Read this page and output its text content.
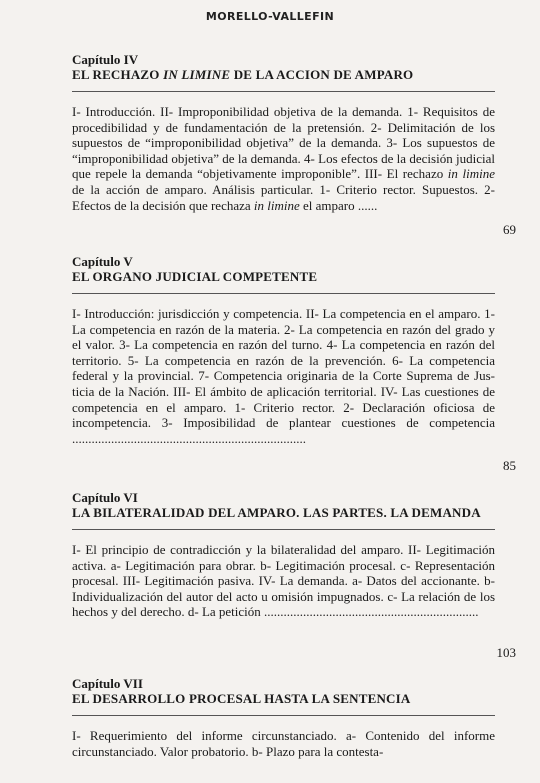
MORELLO-VALLEFIN
Capítulo IV
EL RECHAZO IN LIMINE DE LA ACCION DE AMPARO

I- Introducción. II- Improponibilidad objetiva de la demanda. 1- Requisitos de procedibilidad y de fundamentación de la pretensión. 2- Delimitación de los supuestos de “improponibilidad objetiva” de la demanda. 3- Los supuestos de “improponibilidad objetiva” de la demanda. 4- Los efectos de la decisión judicial que repele la demanda “objetivamente improponible”. III- El rechazo in limine de la acción de amparo. Análisis particular. 1- Criterio rector. Supuestos. 2- Efectos de la decisión que rechaza in limine el amparo ......

69
Capítulo V
EL ORGANO JUDICIAL COMPETENTE

I- Introducción: jurisdicción y competencia. II- La competencia en el amparo. 1- La competencia en razón de la materia. 2- La competencia en razón del grado y el valor. 3- La competencia en razón del turno. 4- La competencia en razón del territorio. 5- La competencia en razón de la prevención. 6- La competencia federal y la provincial. 7- Competencia originaria de la Corte Suprema de Justicia de la Nación. III- El ámbito de aplicación territorial. IV- Las cuestiones de competencia en el amparo. 1- Criterio rector. 2- Declaración oficiosa de incompetencia. 3- Imposibilidad de plantear cuestiones de competencia ........................................................................

85
Capítulo VI
LA BILATERALIDAD DEL AMPARO. LAS PARTES. LA DEMANDA

I- El principio de contradicción y la bilateralidad del amparo. II- Legitimación activa. a- Legitimación para obrar. b- Legitimación procesal. c- Representación procesal. III- Legitimación pasiva. IV- La demanda. a- Datos del accionante. b- Individualización del autor del acto u omisión impugnados. c- La relación de los hechos y del derecho. d- La petición ..................................................................

103
Capítulo VII
EL DESARROLLO PROCESAL HASTA LA SENTENCIA

I- Requerimiento del informe circunstanciado. a- Contenido del informe circunstanciado. Valor probatorio. b- Plazo para la contesta-
